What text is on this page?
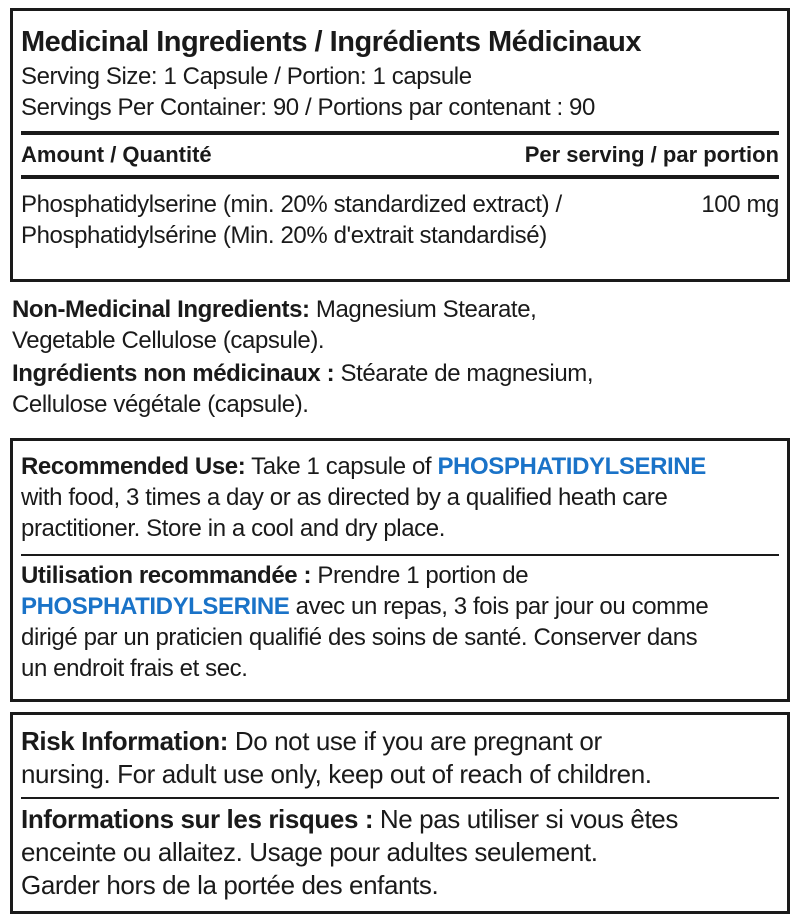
Medicinal Ingredients / Ingrédients Médicinaux
Serving Size: 1 Capsule / Portion: 1 capsule
Servings Per Container: 90 / Portions par contenant : 90
Amount / Quantité	Per serving / par portion
Phosphatidylserine (min. 20% standardized extract) /
Phosphatidylsérine (Min. 20% d'extrait standardisé)
100 mg
Non-Medicinal Ingredients: Magnesium Stearate,
Vegetable Cellulose (capsule).
Ingrédients non médicinaux : Stéarate de magnesium,
Cellulose végétale (capsule).
Recommended Use: Take 1 capsule of PHOSPHATIDYLSERINE
with food, 3 times a day or as directed by a qualified heath care
practitioner. Store in a cool and dry place.
Utilisation recommandée : Prendre 1 portion de
PHOSPHATIDYLSERINE avec un repas, 3 fois par jour ou comme
dirigé par un praticien qualifié des soins de santé. Conserver dans
un endroit frais et sec.
Risk Information: Do not use if you are pregnant or
nursing. For adult use only, keep out of reach of children.
Informations sur les risques : Ne pas utiliser si vous êtes
enceinte ou allaitez. Usage pour adultes seulement.
Garder hors de la portée des enfants.
